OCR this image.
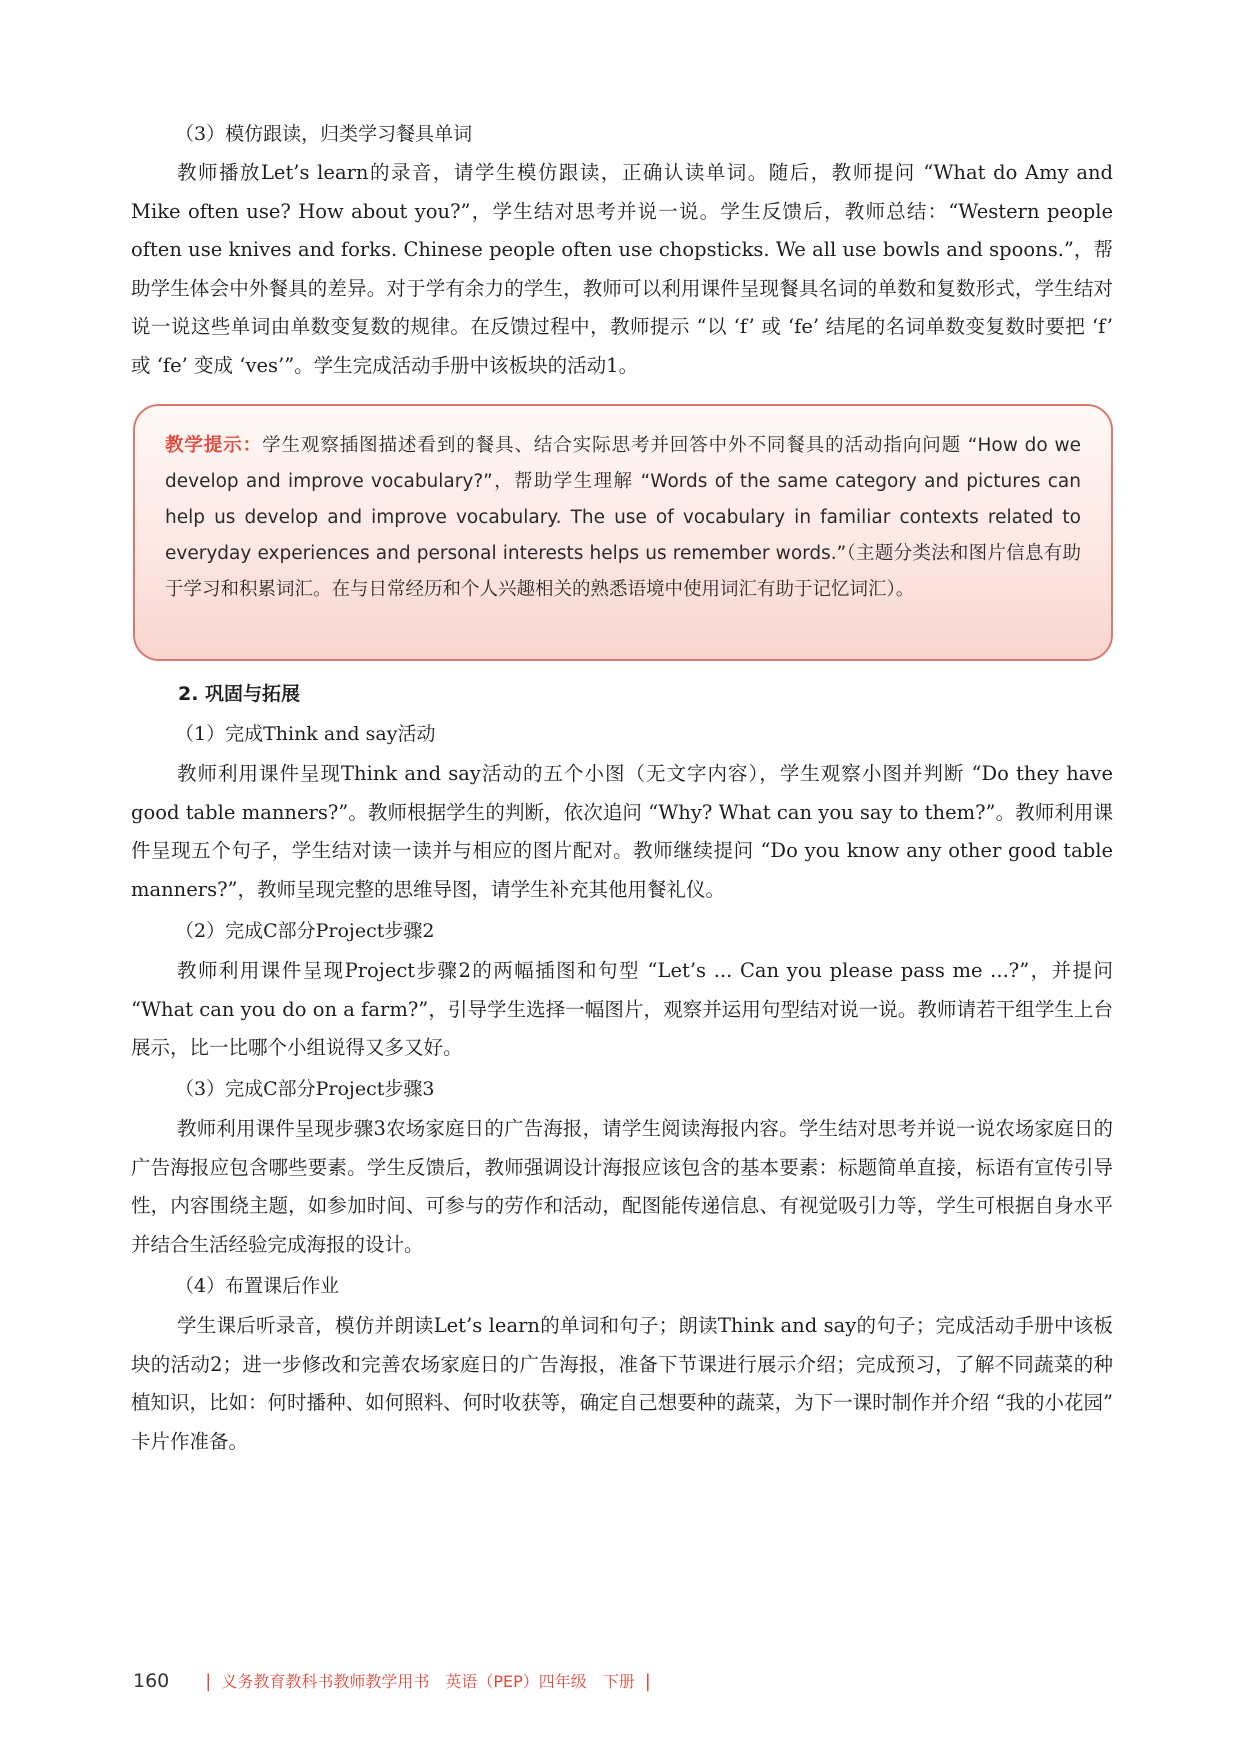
（3）模仿跟读，归类学习餐具单词

教师播放Let’s learn的录音，请学生模仿跟读，正确认读单词。随后，教师提问 “What do Amy and Mike often use? How about you?”，学生结对思考并说一说。学生反馈后，教师总结：“Western people often use knives and forks. Chinese people often use chopsticks. We all use bowls and spoons.”，帮助学生体会中外餐具的差异。对于学有余力的学生，教师可以利用课件呈现餐具名词的单数和复数形式，学生结对说一说这些单词由单数变复数的规律。在反馈过程中，教师提示 “以 ‘f’ 或 ‘fe’ 结尾的名词单数变复数时要把 ‘f’ 或 ‘fe’ 变成 ‘ves’”。学生完成活动手册中该板块的活动1。

教学提示：学生观察插图描述看到的餐具、结合实际思考并回答中外不同餐具的活动指向问题 “How do we develop and improve vocabulary?”，帮助学生理解 “Words of the same category and pictures can help us develop and improve vocabulary. The use of vocabulary in familiar contexts related to everyday experiences and personal interests helps us remember words.”（主题分类法和图片信息有助于学习和积累词汇。在与日常经历和个人兴趣相关的熟悉语境中使用词汇有助于记忆词汇）。
2. 巩固与拓展
（1）完成Think and say活动

教师利用课件呈现Think and say活动的五个小图（无文字内容），学生观察小图并判断 “Do they have good table manners?”。教师根据学生的判断，依次追问 “Why? What can you say to them?”。教师利用课件呈现五个句子，学生结对读一读并与相应的图片配对。教师继续提问 “Do you know any other good table manners?”，教师呈现完整的思维导图，请学生补充其他用餐礼仪。

（2）完成C部分Project步骤2

教师利用课件呈现Project步骤2的两幅插图和句型 “Let’s ... Can you please pass me ...?”，并提问 “What can you do on a farm?”，引导学生选择一幅图片，观察并运用句型结对说一说。教师请若干组学生上台展示，比一比哪个小组说得又多又好。

（3）完成C部分Project步骤3

教师利用课件呈现步骤3农场家庭日的广告海报，请学生阅读海报内容。学生结对思考并说一说农场家庭日的广告海报应包含哪些要素。学生反馈后，教师强调设计海报应该包含的基本要素：标题简单直接，标语有宣传引导性，内容围绕主题，如参加时间、可参与的劳作和活动，配图能传递信息、有视觉吸引力等，学生可根据自身水平并结合生活经验完成海报的设计。

（4）布置课后作业

学生课后听录音，模仿并朗读Let’s learn的单词和句子；朗读Think and say的句子；完成活动手册中该板块的活动2；进一步修改和完善农场家庭日的广告海报，准备下节课进行展示介绍；完成预习，了解不同蔬菜的种植知识，比如：何时播种、如何照料、何时收获等，确定自己想要种的蔬菜，为下一课时制作并介绍 “我的小花园” 卡片作准备。

160 | 义务教育教科书教师教学用书　英语（PEP）四年级　下册 |
